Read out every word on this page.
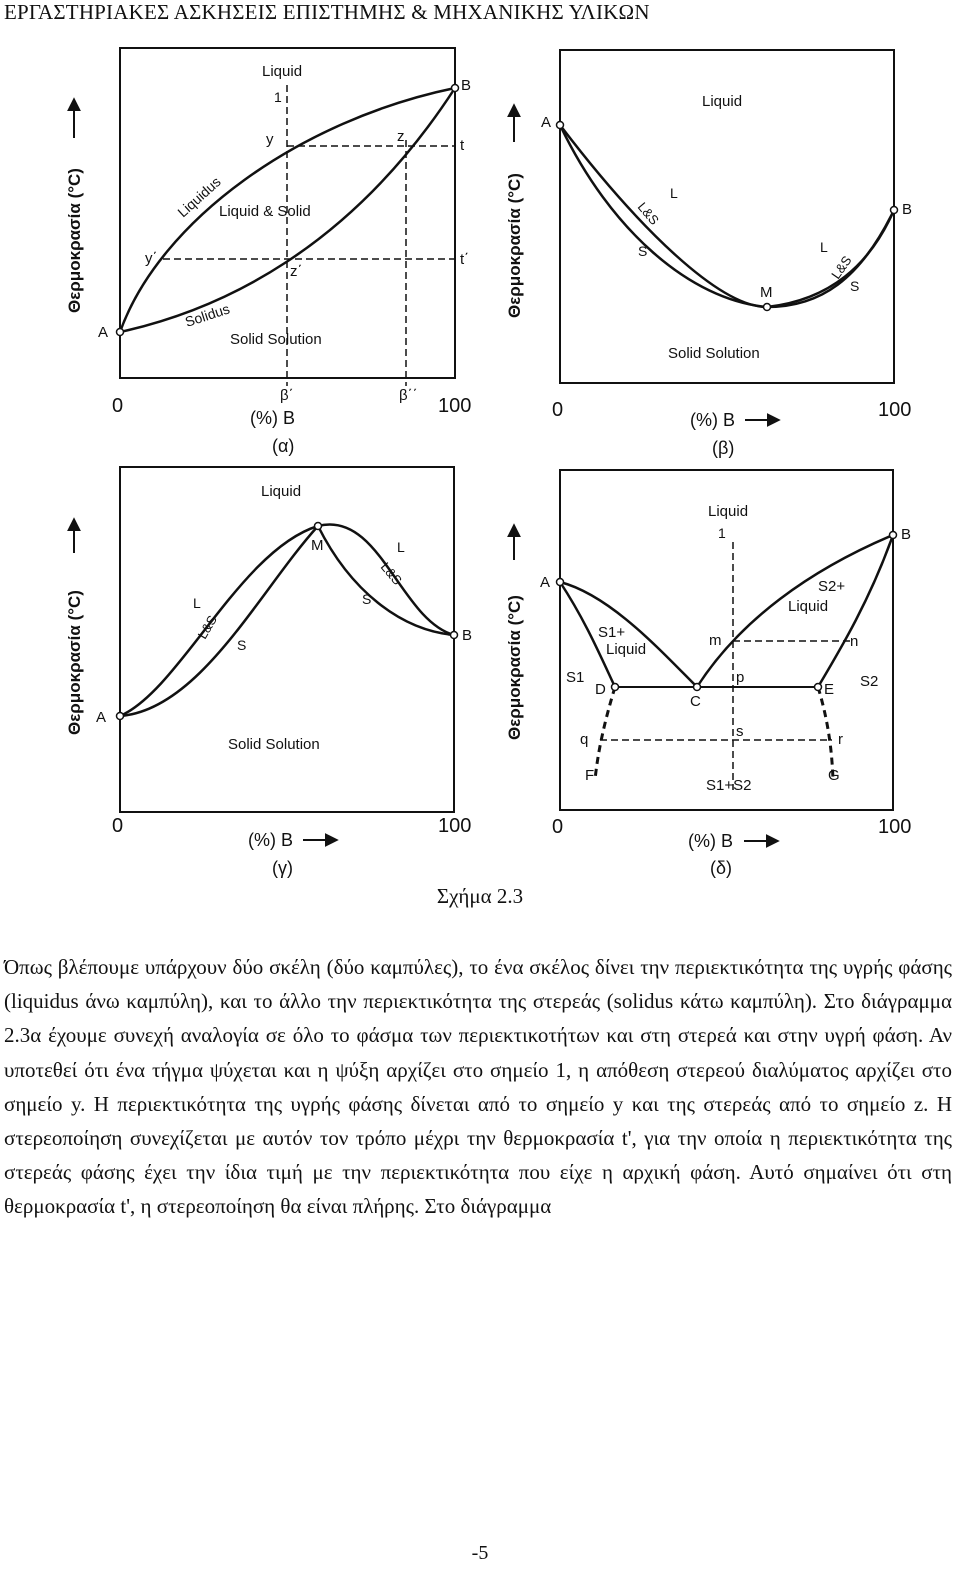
ΕΡΓΑΣΤΗΡΙΑΚΕΣ ΑΣΚΗΣΕΙΣ ΕΠΙΣΤΗΜΗΣ & ΜΗΧΑΝΙΚΗΣ ΥΛΙΚΩΝ
Liquid
1
B
A
y	z
t
y΄
z΄
t΄
Liquidus
Solidus
Liquid & Solid
Solid Solution
β΄	β΄΄
0	100
(%) B
(α)
Θερμοκρασία (°C)
Liquid
A
B
M
L
L&S
S	L
L&S
S
Solid Solution
0	100
(%) B
(β)
Θερμοκρασία (°C)
Liquid
M
A
B
L
L&S
S
L
L&S
S
Solid Solution
0	100
(%) B
(γ)
Θερμοκρασία (°C)
Liquid
1
A
B
S1+
Liquid
S2+
Liquid
m	n
p
S1
D
C
E S2
s
q	r
F	G
S1+S2
0	100
(%) B
(δ)
Θερμοκρασία (°C)
Σχήμα 2.3

Όπως βλέπουμε υπάρχουν δύο σκέλη (δύο καμπύλες), το ένα σκέλος δίνει την περιεκτικότητα της υγρής φάσης (liquidus άνω καμπύλη), και το άλλο την περιεκτικότητα της στερεάς (solidus κάτω καμπύλη). Στο διάγραμμα 2.3α έχουμε συνεχή αναλογία σε όλο το φάσμα των περιεκτικοτήτων και στη στερεά και στην υγρή φάση. Αν υποτεθεί ότι ένα τήγμα ψύχεται και η ψύξη αρχίζει στο σημείο 1, η απόθεση στερεού διαλύματος αρχίζει στο σημείο y. Η περιεκτικότητα της υγρής φάσης δίνεται από το σημείο y και της στερεάς από το σημείο z. Η στερεοποίηση συνεχίζεται με αυτόν τον τρόπο μέχρι την θερμοκρασία t', για την οποία η περιεκτικότητα της στερεάς φάσης έχει την ίδια τιμή με την περιεκτικότητα που είχε η αρχική φάση. Αυτό σημαίνει ότι στη θερμοκρασία t', η στερεοποίηση θα είναι πλήρης. Στο διάγραμμα

-5
